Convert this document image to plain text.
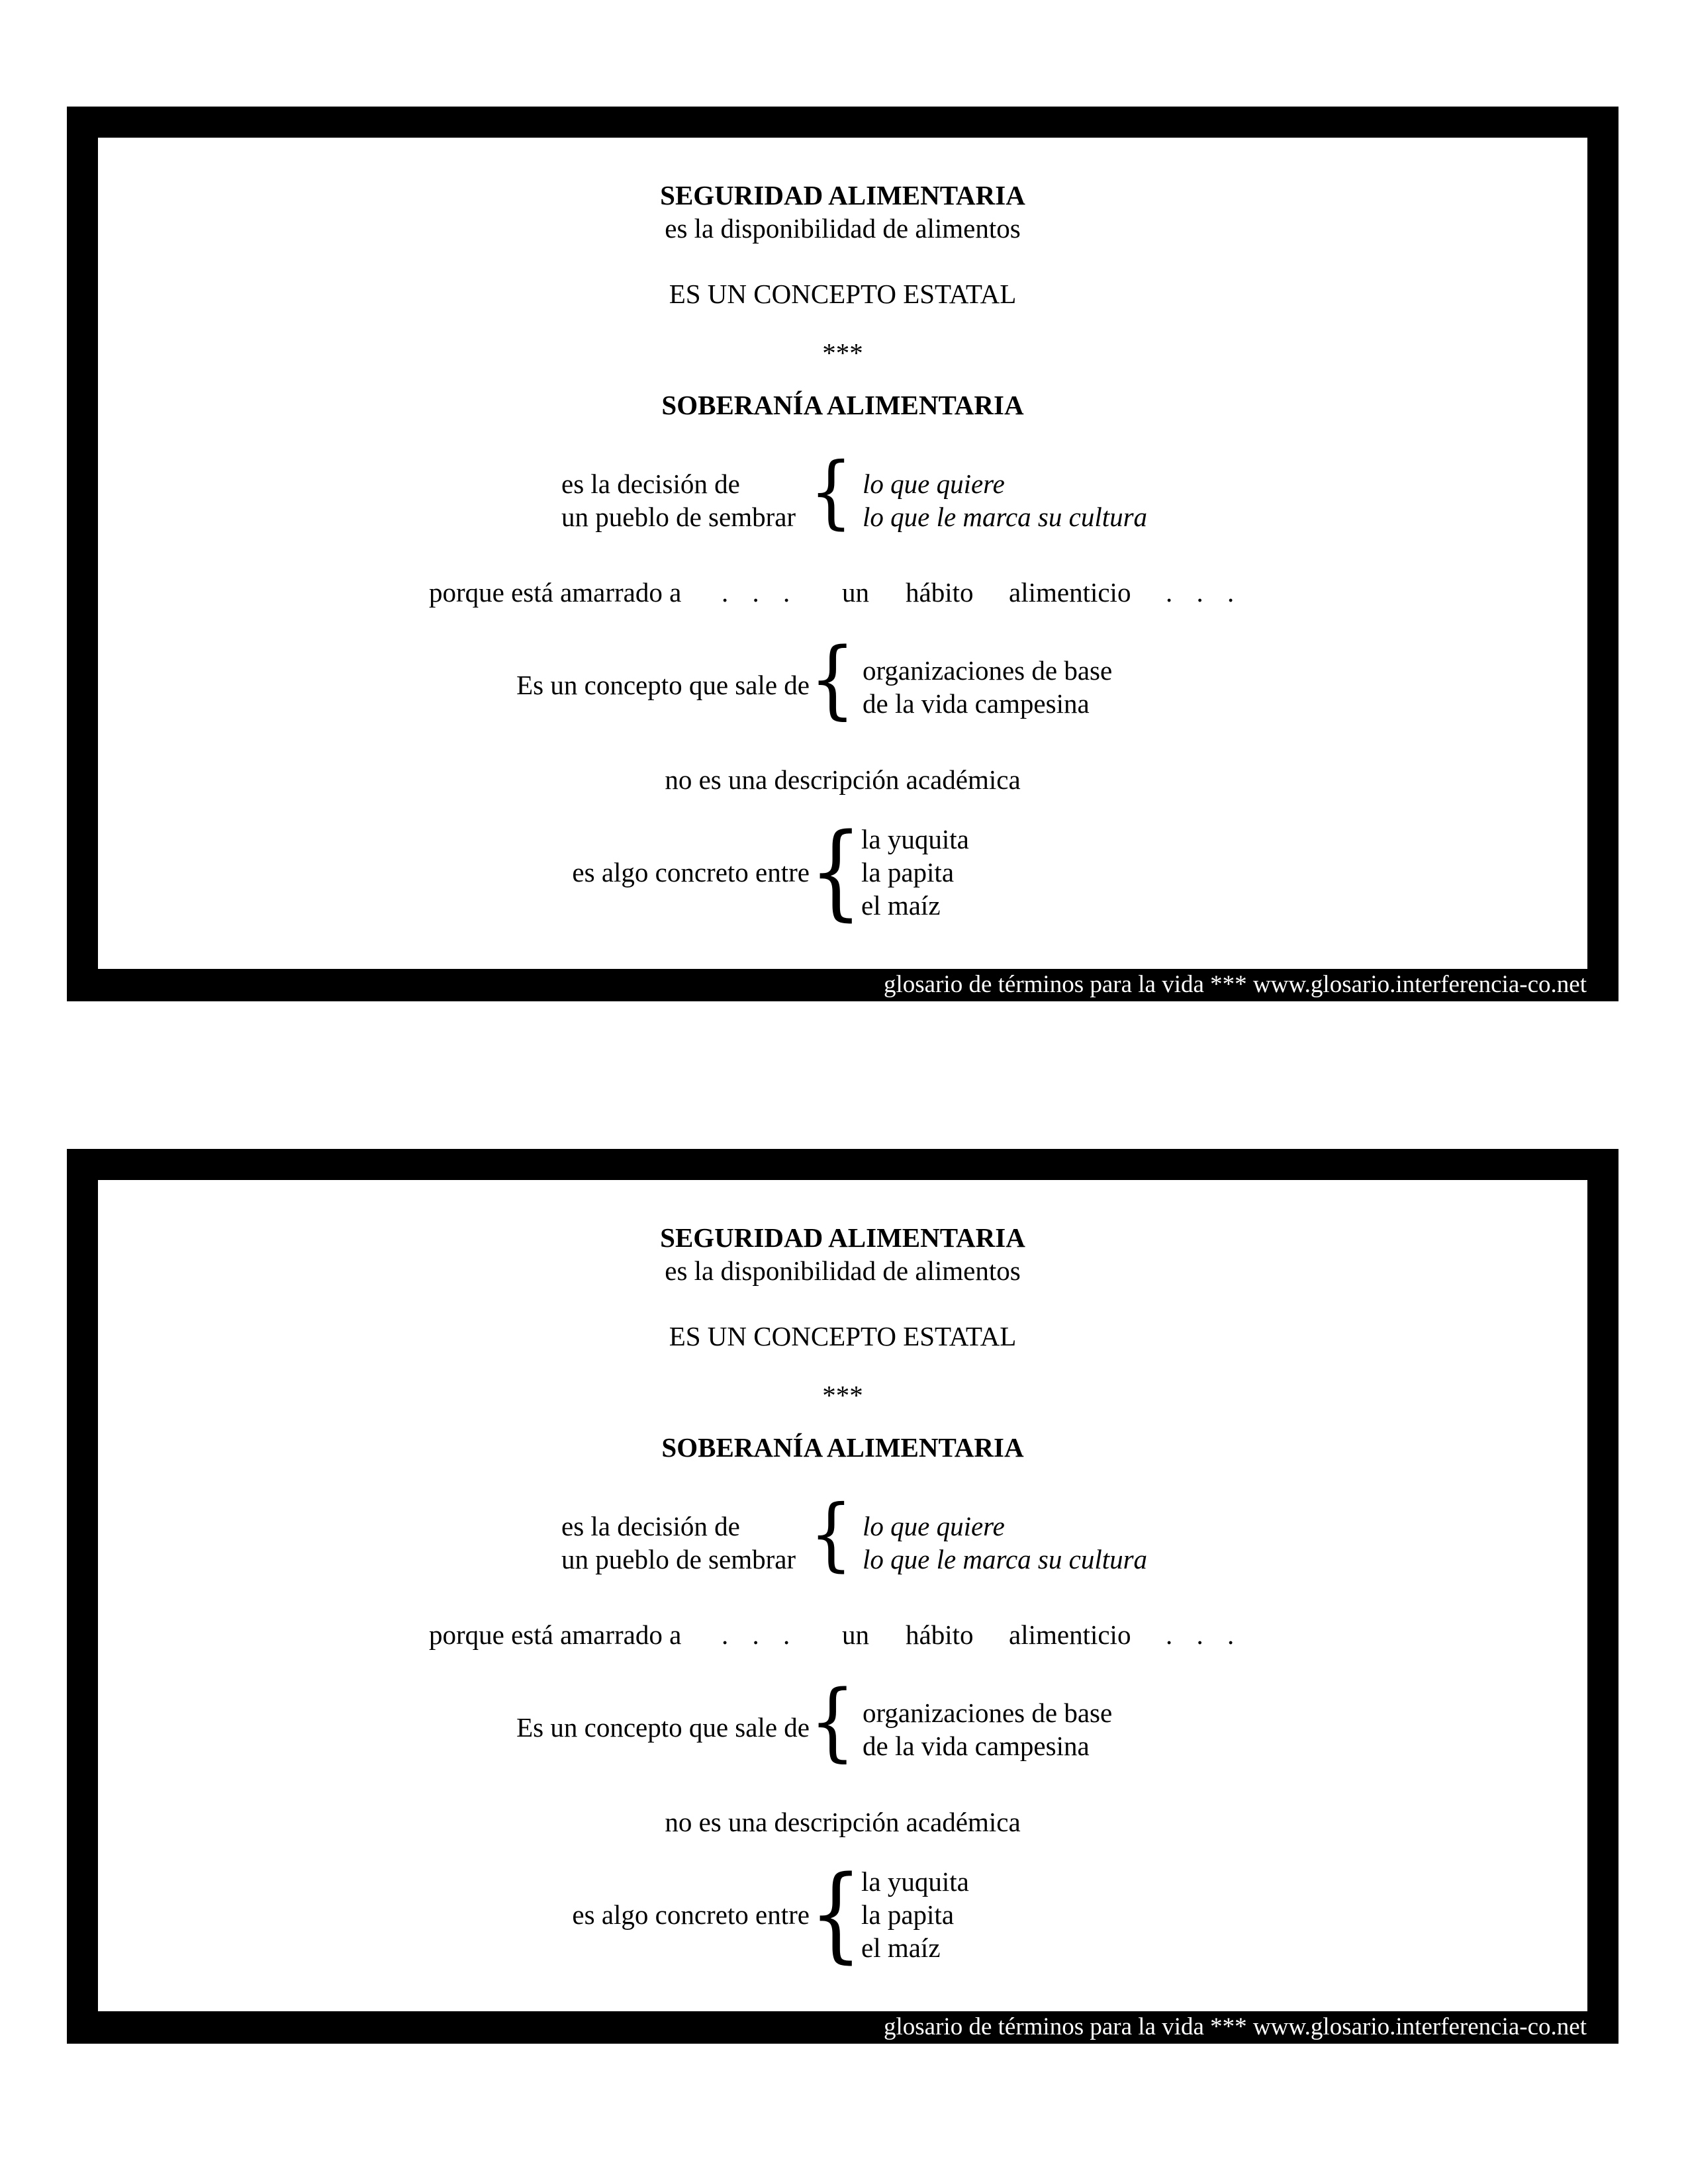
SEGURIDAD ALIMENTARIA
es la disponibilidad de alimentos
ES UN CONCEPTO ESTATAL
***
SOBERANÍA ALIMENTARIA
es la decisión de
un pueblo de sembrar { lo que quiere
lo que le marca su cultura
porque está amarrado a . . . un hábito alimenticio . . .
Es un concepto que sale de { organizaciones de base
de la vida campesina
no es una descripción académica
es algo concreto entre {
la yuquita
la papita
el maíz
glosario de términos para la vida *** www.glosario.interferencia-co.net
SEGURIDAD ALIMENTARIA
es la disponibilidad de alimentos
ES UN CONCEPTO ESTATAL
***
SOBERANÍA ALIMENTARIA
es la decisión de
un pueblo de sembrar { lo que quiere
lo que le marca su cultura
porque está amarrado a . . . un hábito alimenticio . . .
Es un concepto que sale de { organizaciones de base
de la vida campesina
no es una descripción académica
es algo concreto entre {
la yuquita
la papita
el maíz
glosario de términos para la vida *** www.glosario.interferencia-co.net
